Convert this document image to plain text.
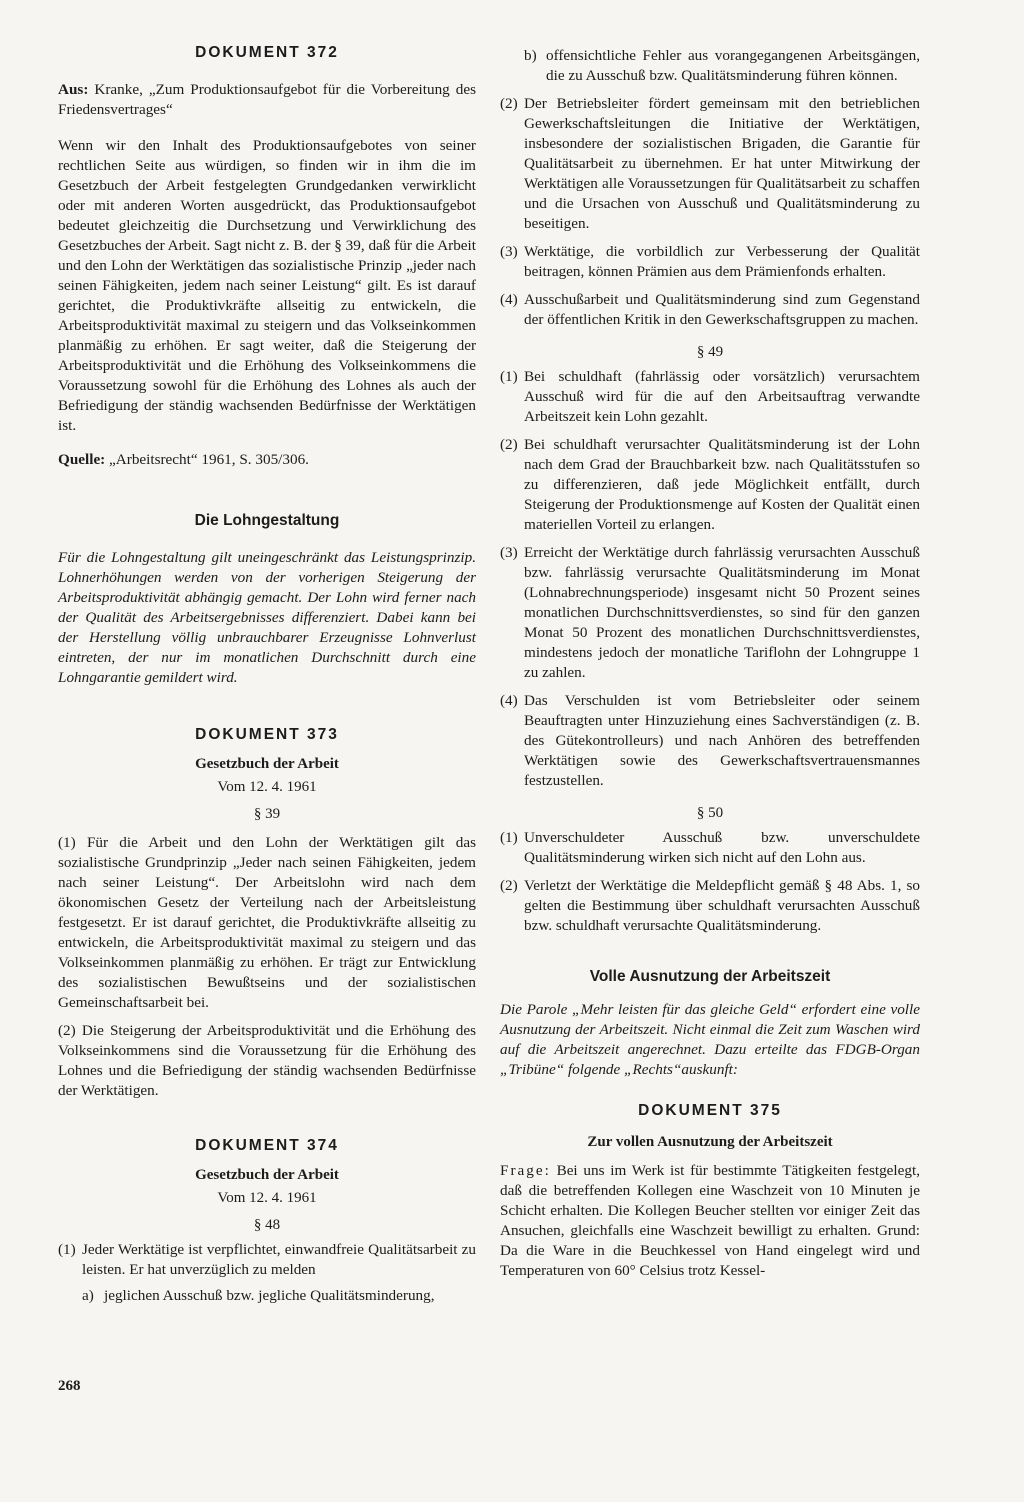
DOKUMENT 372

Aus: Kranke, „Zum Produktionsaufgebot für die Vorbereitung des Friedensvertrages“

Wenn wir den Inhalt des Produktionsaufgebotes von seiner rechtlichen Seite aus würdigen, so finden wir in ihm die im Gesetzbuch der Arbeit festgelegten Grundgedanken verwirklicht oder mit anderen Worten ausgedrückt, das Produktionsaufgebot bedeutet gleichzeitig die Durchsetzung und Verwirklichung des Gesetzbuches der Arbeit. Sagt nicht z. B. der § 39, daß für die Arbeit und den Lohn der Werktätigen das sozialistische Prinzip „jeder nach seinen Fähigkeiten, jedem nach seiner Leistung“ gilt. Es ist darauf gerichtet, die Produktivkräfte allseitig zu entwickeln, die Arbeitsproduktivität maximal zu steigern und das Volkseinkommen planmäßig zu erhöhen. Er sagt weiter, daß die Steigerung der Arbeitsproduktivität und die Erhöhung des Volkseinkommens die Voraussetzung sowohl für die Erhöhung des Lohnes als auch der Befriedigung der ständig wachsenden Bedürfnisse der Werktätigen ist.

Quelle: „Arbeitsrecht“ 1961, S. 305/306.

Die Lohngestaltung

Für die Lohngestaltung gilt uneingeschränkt das Leistungsprinzip. Lohnerhöhungen werden von der vorherigen Steigerung der Arbeitsproduktivität abhängig gemacht. Der Lohn wird ferner nach der Qualität des Arbeitsergebnisses differenziert. Dabei kann bei der Herstellung völlig unbrauchbarer Erzeugnisse Lohnverlust eintreten, der nur im monatlichen Durchschnitt durch eine Lohngarantie gemildert wird.

DOKUMENT 373
Gesetzbuch der Arbeit
Vom 12. 4. 1961
§ 39

(1) Für die Arbeit und den Lohn der Werktätigen gilt das sozialistische Grundprinzip „Jeder nach seinen Fähigkeiten, jedem nach seiner Leistung“. Der Arbeitslohn wird nach dem ökonomischen Gesetz der Verteilung nach der Arbeitsleistung festgesetzt. Er ist darauf gerichtet, die Produktivkräfte allseitig zu entwickeln, die Arbeitsproduktivität maximal zu steigern und das Volkseinkommen planmäßig zu erhöhen. Er trägt zur Entwicklung des sozialistischen Bewußtseins und der sozialistischen Gemeinschaftsarbeit bei.

(2) Die Steigerung der Arbeitsproduktivität und die Erhöhung des Volkseinkommens sind die Voraussetzung für die Erhöhung des Lohnes und die Befriedigung der ständig wachsenden Bedürfnisse der Werktätigen.

DOKUMENT 374
Gesetzbuch der Arbeit
Vom 12. 4. 1961
§ 48
(1) Jeder Werktätige ist verpflichtet, einwandfreie Qualitätsarbeit zu leisten. Er hat unverzüglich zu melden
a) jeglichen Ausschuß bzw. jegliche Qualitätsminderung,
268
b) offensichtliche Fehler aus vorangegangenen Arbeitsgängen, die zu Ausschuß bzw. Qualitätsminderung führen können.
(2) Der Betriebsleiter fördert gemeinsam mit den betrieblichen Gewerkschaftsleitungen die Initiative der Werktätigen, insbesondere der sozialistischen Brigaden, die Garantie für Qualitätsarbeit zu übernehmen. Er hat unter Mitwirkung der Werktätigen alle Voraussetzungen für Qualitätsarbeit zu schaffen und die Ursachen von Ausschuß und Qualitätsminderung zu beseitigen.
(3) Werktätige, die vorbildlich zur Verbesserung der Qualität beitragen, können Prämien aus dem Prämienfonds erhalten.
(4) Ausschußarbeit und Qualitätsminderung sind zum Gegenstand der öffentlichen Kritik in den Gewerkschaftsgruppen zu machen.
§ 49
(1) Bei schuldhaft (fahrlässig oder vorsätzlich) verursachtem Ausschuß wird für die auf den Arbeitsauftrag verwandte Arbeitszeit kein Lohn gezahlt.
(2) Bei schuldhaft verursachter Qualitätsminderung ist der Lohn nach dem Grad der Brauchbarkeit bzw. nach Qualitätsstufen so zu differenzieren, daß jede Möglichkeit entfällt, durch Steigerung der Produktionsmenge auf Kosten der Qualität einen materiellen Vorteil zu erlangen.
(3) Erreicht der Werktätige durch fahrlässig verursachten Ausschuß bzw. fahrlässig verursachte Qualitätsminderung im Monat (Lohnabrechnungsperiode) insgesamt nicht 50 Prozent seines monatlichen Durchschnittsverdienstes, so sind für den ganzen Monat 50 Prozent des monatlichen Durchschnittsverdienstes, mindestens jedoch der monatliche Tariflohn der Lohngruppe 1 zu zahlen.
(4) Das Verschulden ist vom Betriebsleiter oder seinem Beauftragten unter Hinzuziehung eines Sachverständigen (z. B. des Gütekontrolleurs) und nach Anhören des betreffenden Werktätigen sowie des Gewerkschaftsvertrauensmannes festzustellen.
§ 50
(1) Unverschuldeter Ausschuß bzw. unverschuldete Qualitätsminderung wirken sich nicht auf den Lohn aus.
(2) Verletzt der Werktätige die Meldepflicht gemäß § 48 Abs. 1, so gelten die Bestimmung über schuldhaft verursachten Ausschuß bzw. schuldhaft verursachte Qualitätsminderung.
Volle Ausnutzung der Arbeitszeit

Die Parole „Mehr leisten für das gleiche Geld“ erfordert eine volle Ausnutzung der Arbeitszeit. Nicht einmal die Zeit zum Waschen wird auf die Arbeitszeit angerechnet. Dazu erteilte das FDGB-Organ „Tribüne“ folgende „Rechts“auskunft:

DOKUMENT 375
Zur vollen Ausnutzung der Arbeitszeit

Frage: Bei uns im Werk ist für bestimmte Tätigkeiten festgelegt, daß die betreffenden Kollegen eine Waschzeit von 10 Minuten je Schicht erhalten. Die Kollegen Beucher stellten vor einiger Zeit das Ansuchen, gleichfalls eine Waschzeit bewilligt zu erhalten. Grund: Da die Ware in die Beuchkessel von Hand eingelegt wird und Temperaturen von 60° Celsius trotz Kessel-
